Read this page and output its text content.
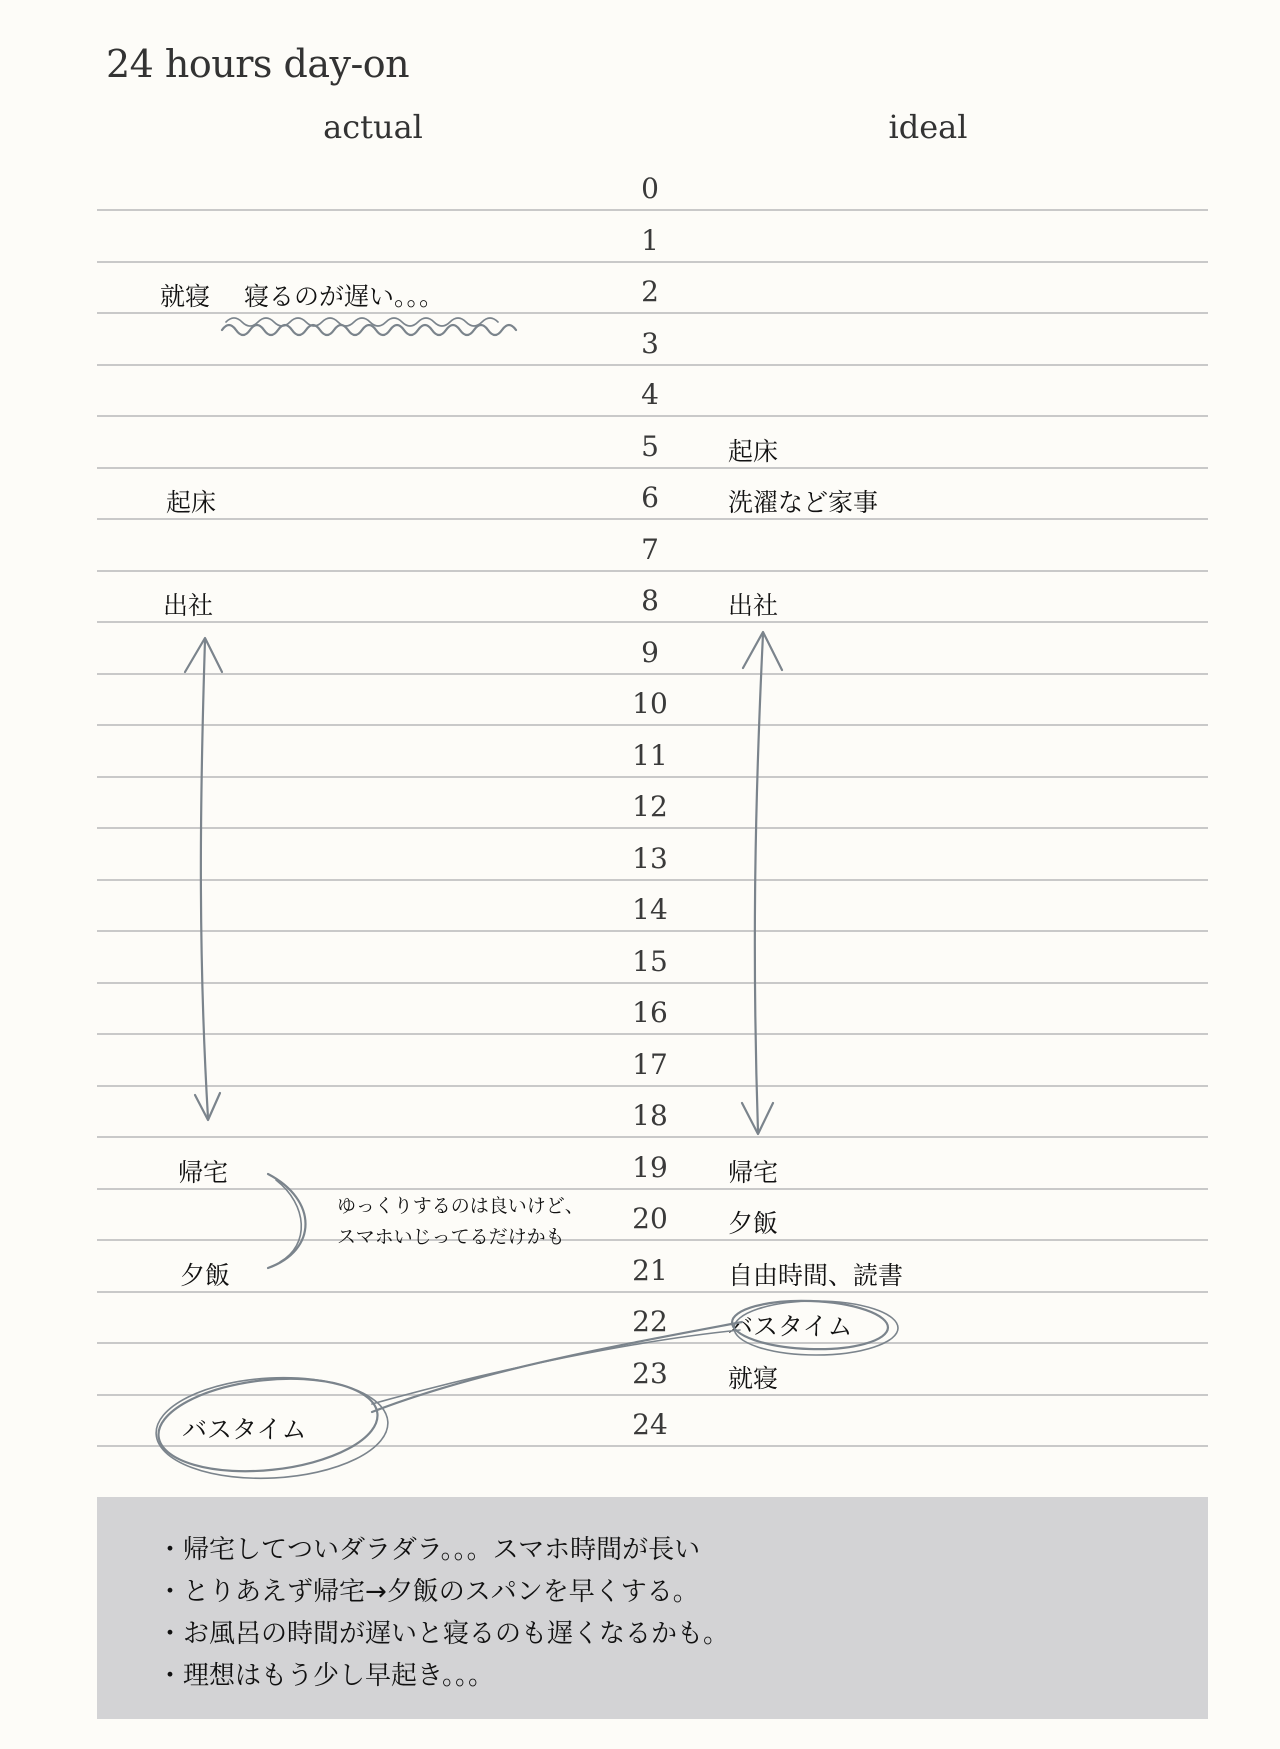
24 hours day-on
actual	ideal
0
1
2
3
4
5
6
7
8
9
10
11
12
13
14
15
16
17
18
19
20
21
22
23
24
就寝
起床
出社
帰宅
夕飯
バスタイム
起床
洗濯など家事
出社
帰宅
夕飯
自由時間、読書
バスタイム
就寝
寝るのが遅い。。。
ゆっくりするのは良いけど、
スマホいじってるだけかも
・帰宅してついダラダラ。。。スマホ時間が長い
・とりあえず帰宅→夕飯のスパンを早くする。
・お風呂の時間が遅いと寝るのも遅くなるかも。
・理想はもう少し早起き。。。
